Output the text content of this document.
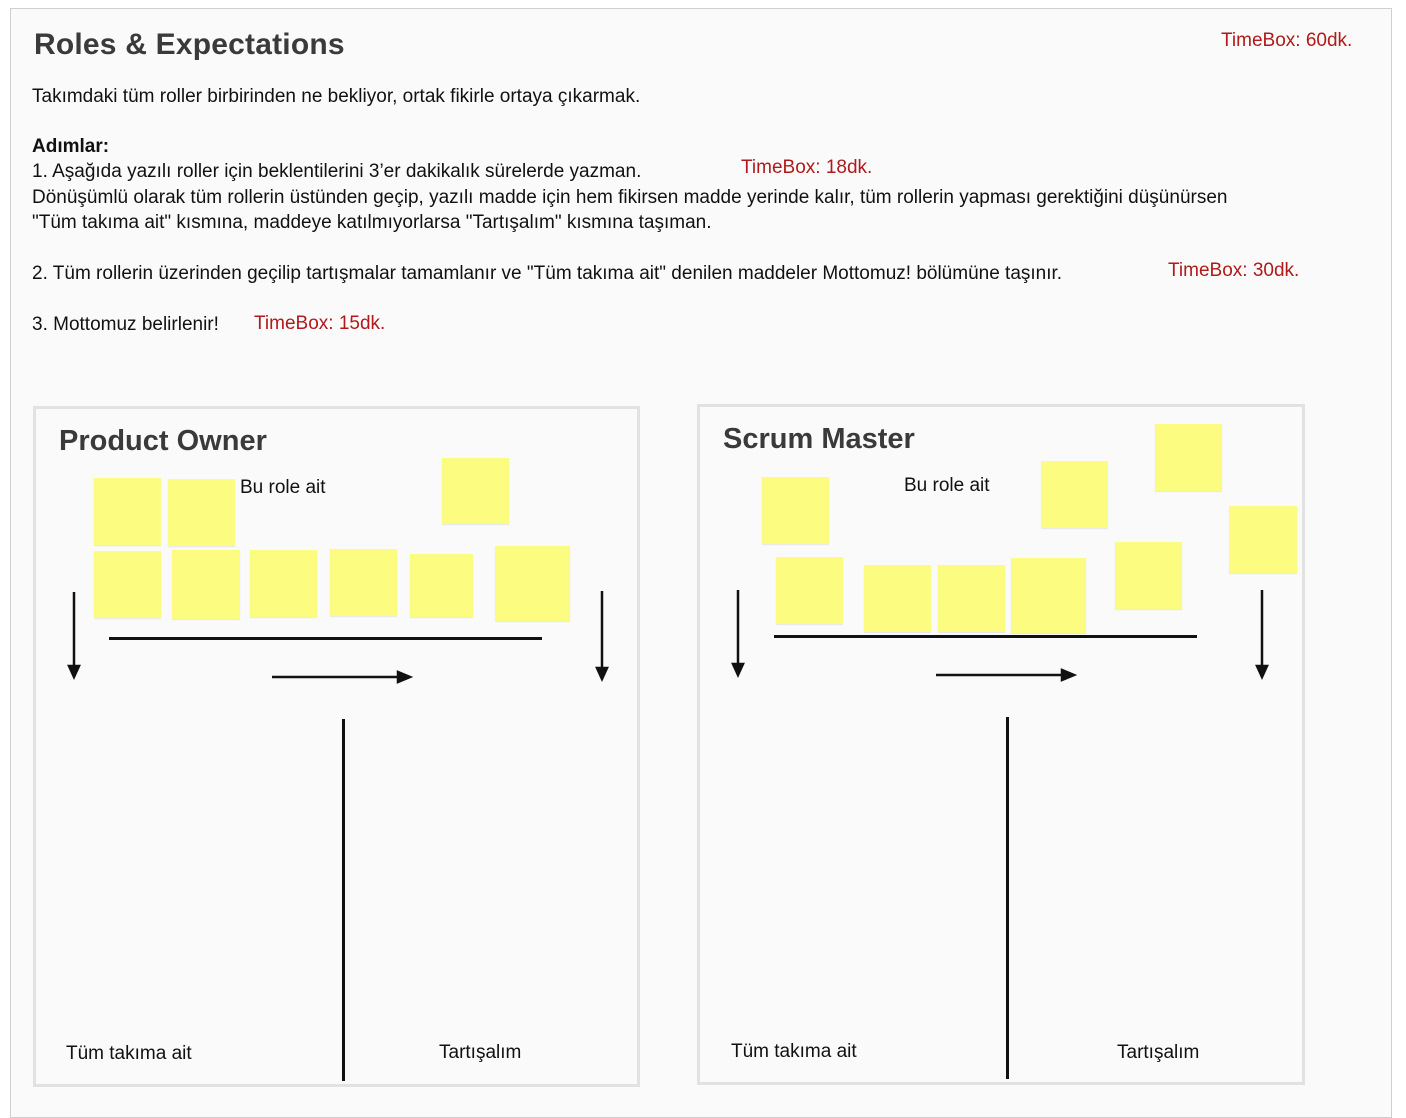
Roles & Expectations	TimeBox: 60dk.
Takımdaki tüm roller birbirinden ne bekliyor, ortak fikirle ortaya çıkarmak.
Adımlar:
1. Aşağıda yazılı roller için beklentilerini 3’er dakikalık sürelerde yazman.	TimeBox: 18dk.
Dönüşümlü olarak tüm rollerin üstünden geçip, yazılı madde için hem fikirsen madde yerinde kalır, tüm rollerin yapması gerektiğini düşünürsen
"Tüm takıma ait" kısmına, maddeye katılmıyorlarsa "Tartışalım" kısmına taşıman.
2. Tüm rollerin üzerinden geçilip tartışmalar tamamlanır ve "Tüm takıma ait" denilen maddeler Mottomuz! bölümüne taşınır.	TimeBox: 30dk.
3. Mottomuz belirlenir! TimeBox: 15dk.
Product Owner
Bu role ait
Tüm takıma ait	Tartışalım
Scrum Master
Bu role ait
Tüm takıma ait	Tartışalım
